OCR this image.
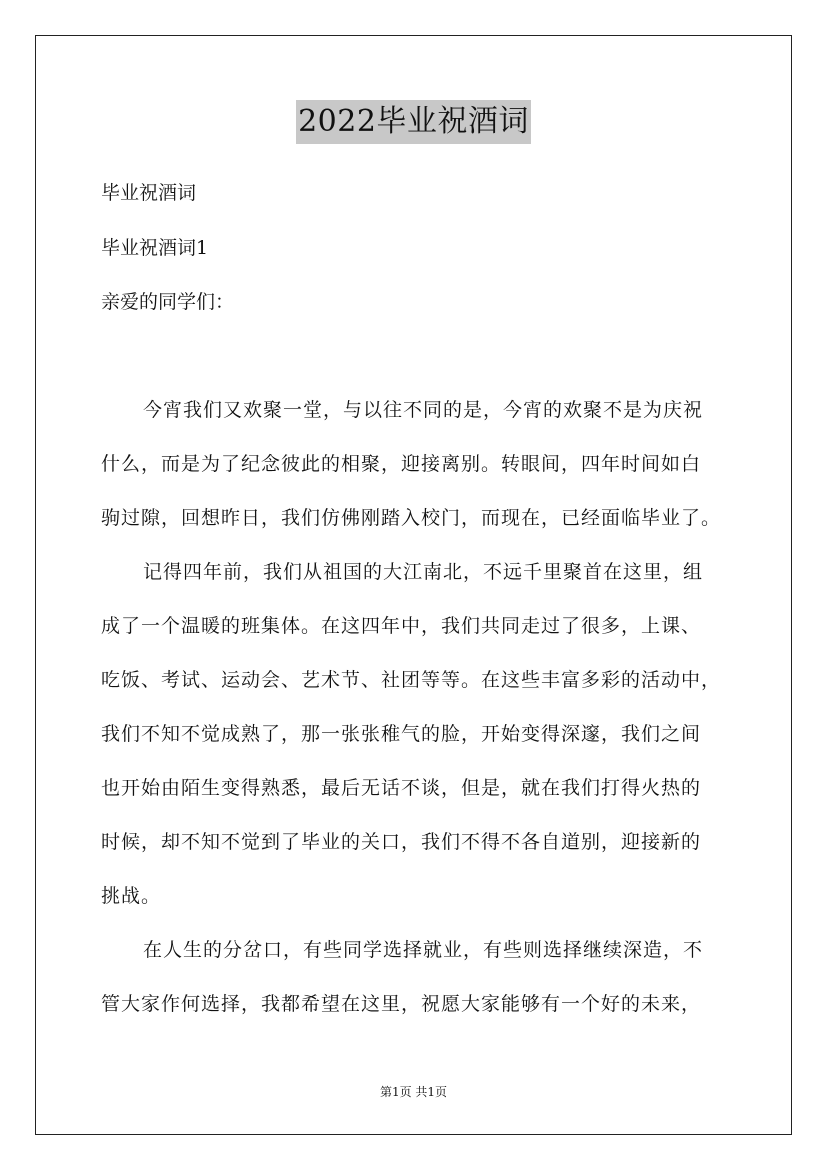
2022毕业祝酒词
毕业祝酒词
毕业祝酒词1
亲爱的同学们：
今宵我们又欢聚一堂，与以往不同的是，今宵的欢聚不是为庆祝
什么，而是为了纪念彼此的相聚，迎接离别。转眼间，四年时间如白
驹过隙，回想昨日，我们仿佛刚踏入校门，而现在，已经面临毕业了。
记得四年前，我们从祖国的大江南北，不远千里聚首在这里，组
成了一个温暖的班集体。在这四年中，我们共同走过了很多，上课、
吃饭、考试、运动会、艺术节、社团等等。在这些丰富多彩的活动中，
我们不知不觉成熟了，那一张张稚气的脸，开始变得深邃，我们之间
也开始由陌生变得熟悉，最后无话不谈，但是，就在我们打得火热的
时候，却不知不觉到了毕业的关口，我们不得不各自道别，迎接新的
挑战。
在人生的分岔口，有些同学选择就业，有些则选择继续深造，不
管大家作何选择，我都希望在这里，祝愿大家能够有一个好的未来，
第1页 共1页
